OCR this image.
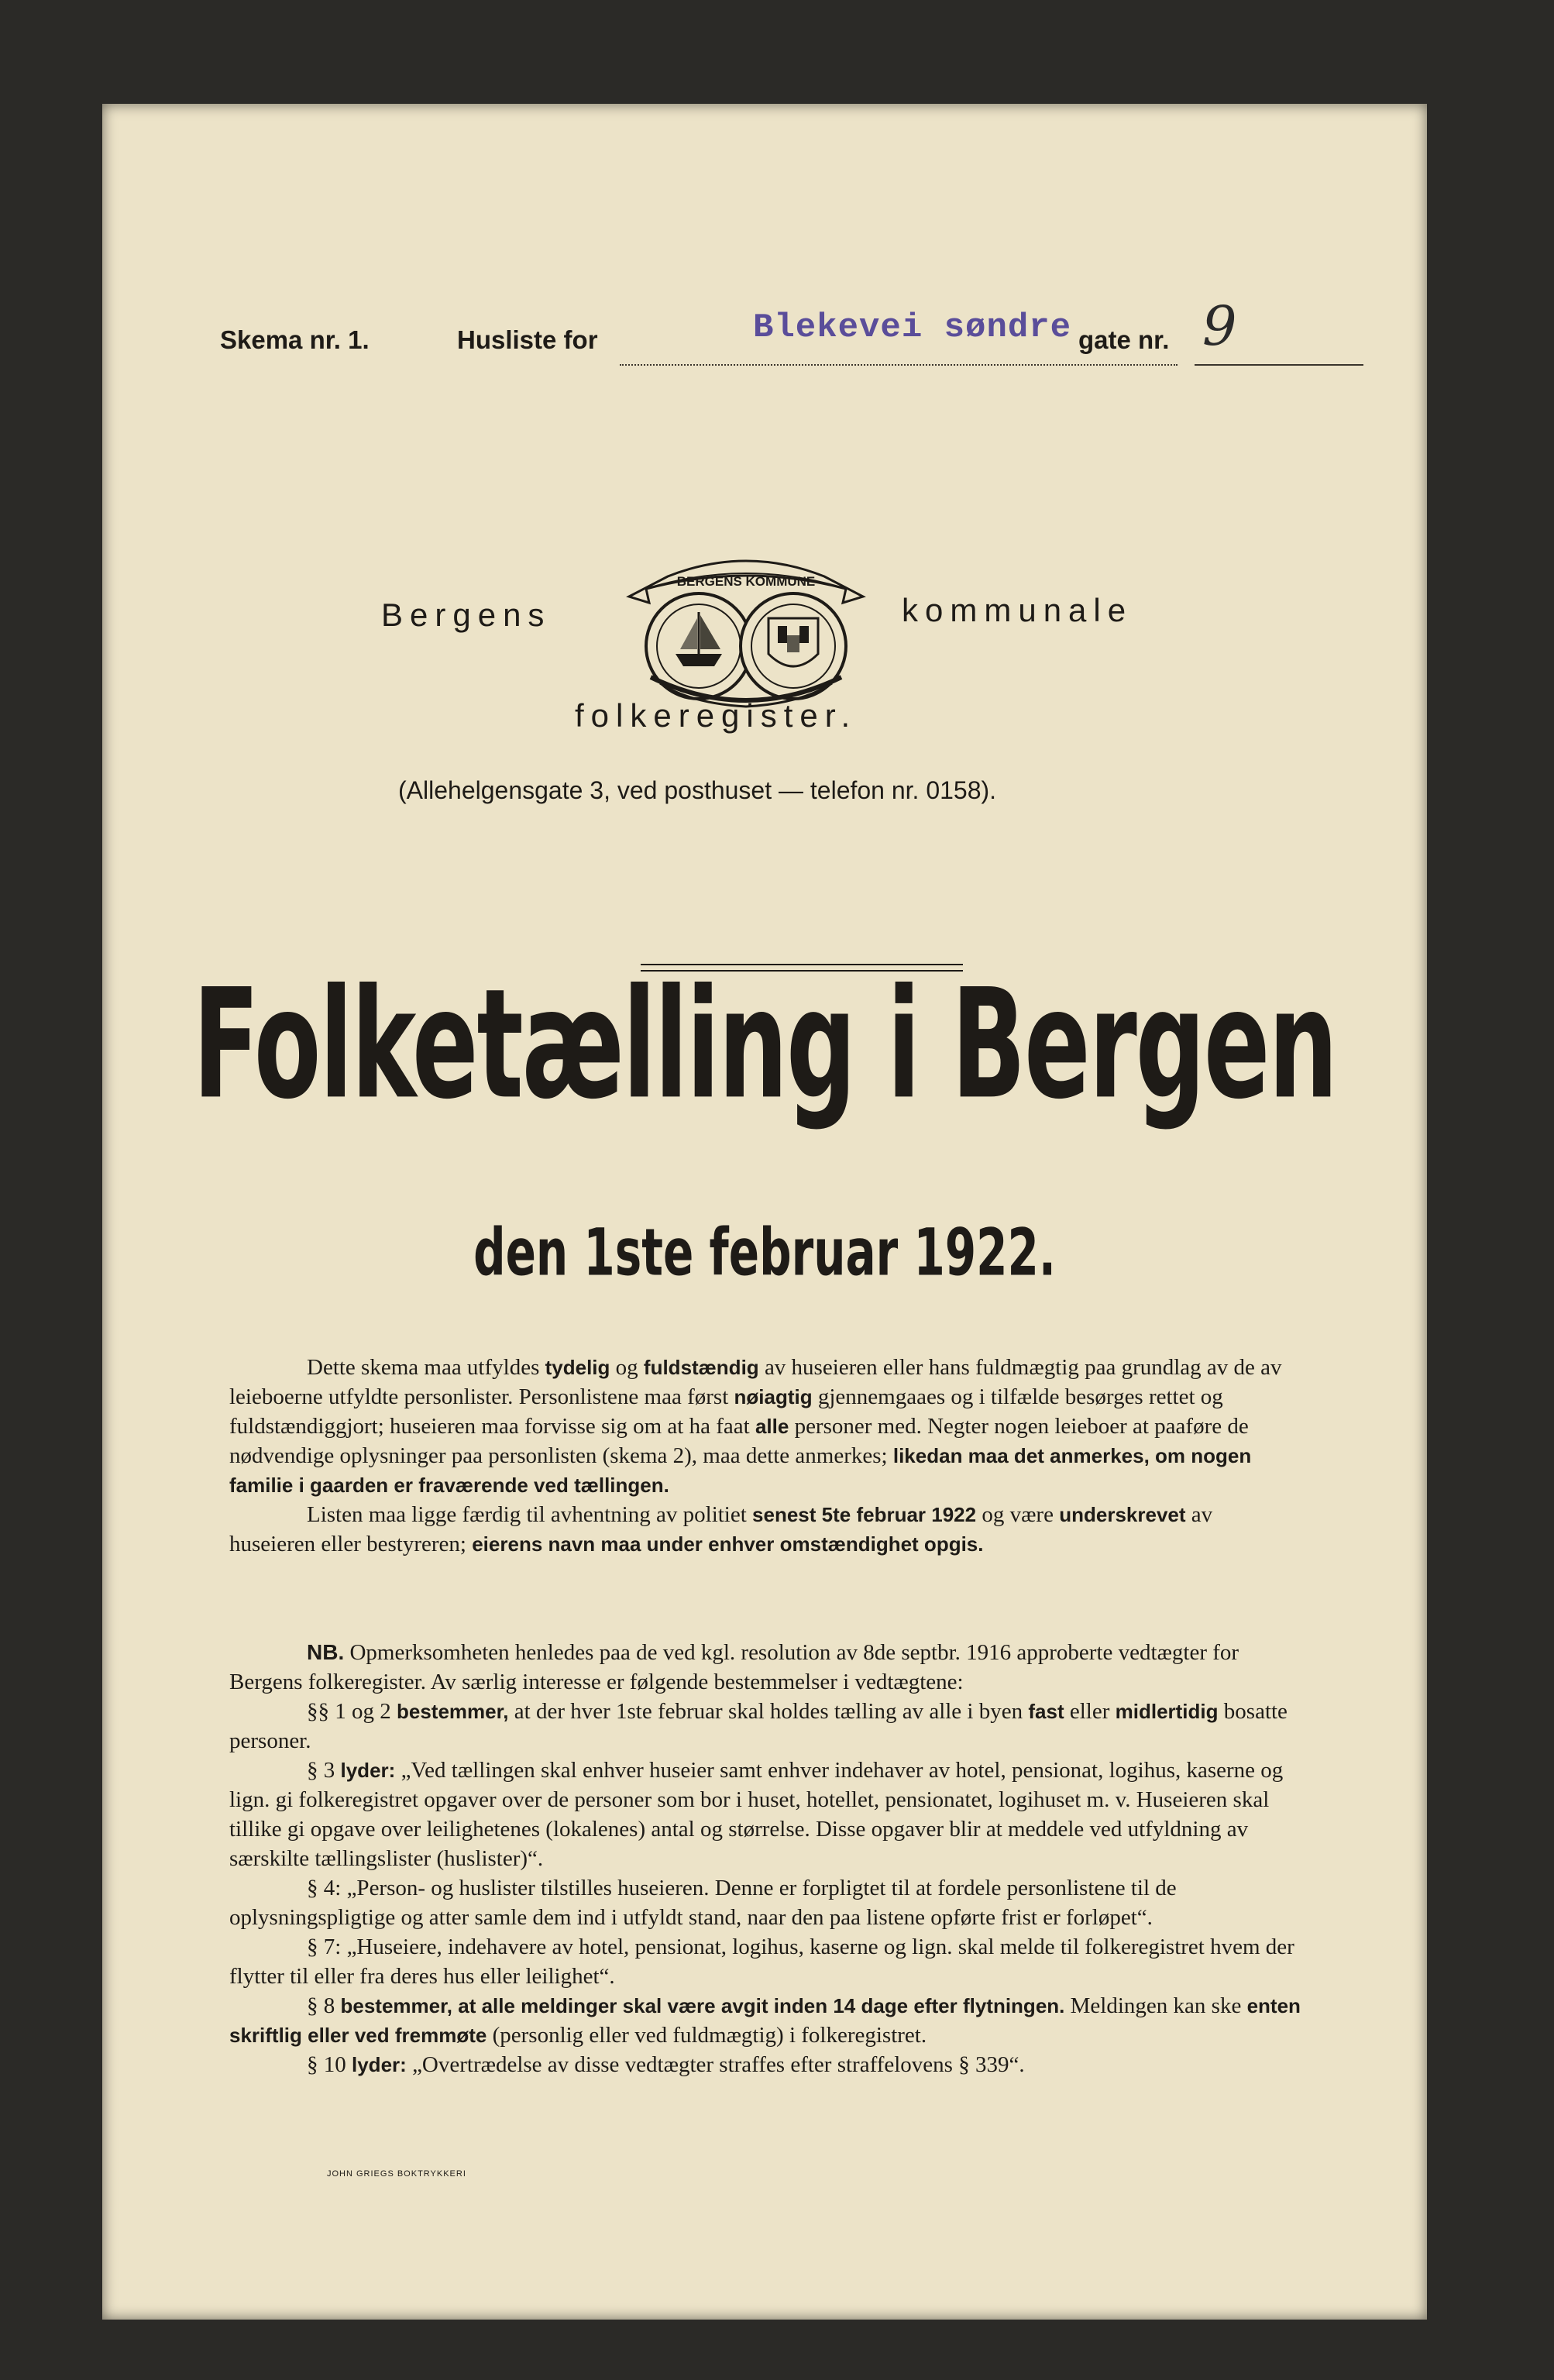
Skema nr. 1.	Husliste for	Blekevei søndre gate nr. 9
Bergens	kommunale
BERGENS KOMMUNE
folkeregister.
(Allehelgensgate 3, ved posthuset — telefon nr. 0158).
Folketælling i Bergen
den 1ste februar 1922.

Dette skema maa utfyldes tydelig og fuldstændig av huseieren eller hans fuldmægtig paa grundlag av de av leieboerne utfyldte personlister. Personlistene maa først nøiagtig gjennemgaaes og i tilfælde besørges rettet og fuldstændiggjort; huseieren maa forvisse sig om at ha faat alle personer med. Negter nogen leieboer at paaføre de nødvendige oplysninger paa personlisten (skema 2), maa dette anmerkes; likedan maa det anmerkes, om nogen familie i gaarden er fraværende ved tællingen.

Listen maa ligge færdig til avhentning av politiet senest 5te februar 1922 og være underskrevet av huseieren eller bestyreren; eierens navn maa under enhver omstændighet opgis.

NB. Opmerksomheten henledes paa de ved kgl. resolution av 8de septbr. 1916 approberte vedtægter for Bergens folkeregister. Av særlig interesse er følgende bestemmelser i vedtægtene:

§§ 1 og 2 bestemmer, at der hver 1ste februar skal holdes tælling av alle i byen fast eller midlertidig bosatte personer.

§ 3 lyder: „Ved tællingen skal enhver huseier samt enhver indehaver av hotel, pensionat, logihus, kaserne og lign. gi folkeregistret opgaver over de personer som bor i huset, hotellet, pensionatet, logihuset m. v. Huseieren skal tillike gi opgave over leilighetenes (lokalenes) antal og størrelse. Disse opgaver blir at meddele ved utfyldning av særskilte tællingslister (huslister)“.

§ 4: „Person- og huslister tilstilles huseieren. Denne er forpligtet til at fordele personlistene til de oplysningspligtige og atter samle dem ind i utfyldt stand, naar den paa listene opførte frist er forløpet“.

§ 7: „Huseiere, indehavere av hotel, pensionat, logihus, kaserne og lign. skal melde til folkeregistret hvem der flytter til eller fra deres hus eller leilighet“.

§ 8 bestemmer, at alle meldinger skal være avgit inden 14 dage efter flytningen. Meldingen kan ske enten skriftlig eller ved fremmøte (personlig eller ved fuldmægtig) i folkeregistret.

§ 10 lyder: „Overtrædelse av disse vedtægter straffes efter straffelovens § 339“.

JOHN GRIEGS BOKTRYKKERI
